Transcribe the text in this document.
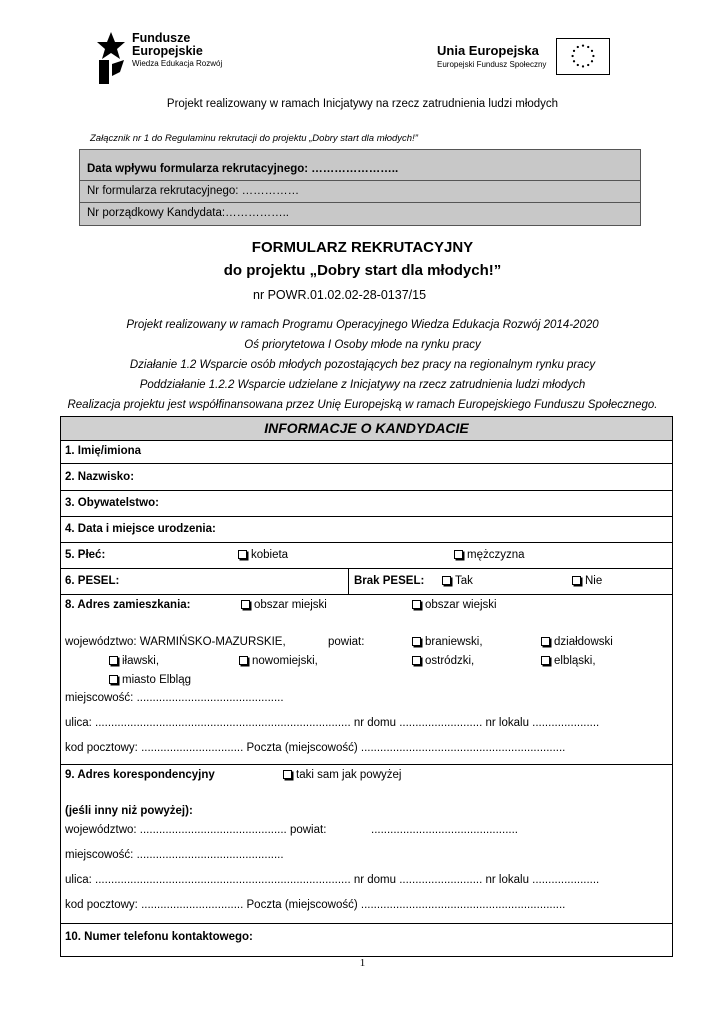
Fundusze
Europejskie
Wiedza Edukacja Rozwój
Unia Europejska
Europejski Fundusz Społeczny
Projekt realizowany w ramach Inicjatywy na rzecz zatrudnienia ludzi młodych
Załącznik nr 1 do Regulaminu rekrutacji do projektu „Dobry start dla młodych!”
Data wpływu formularza rekrutacyjnego: …………………..
Nr formularza rekrutacyjnego: ……………
Nr porządkowy Kandydata:……………..
FORMULARZ REKRUTACYJNY
do projektu „Dobry start dla młodych!”
nr POWR.01.02.02-28-0137/15
Projekt realizowany w ramach Programu Operacyjnego Wiedza Edukacja Rozwój 2014-2020
Oś priorytetowa I Osoby młode na rynku pracy
Działanie 1.2 Wsparcie osób młodych pozostających bez pracy na regionalnym rynku pracy
Poddziałanie 1.2.2 Wsparcie udzielane z Inicjatywy na rzecz zatrudnienia ludzi młodych
Realizacja projektu jest współfinansowana przez Unię Europejską w ramach Europejskiego Funduszu Społecznego.
INFORMACJE O KANDYDACIE
1. Imię/imiona
2. Nazwisko:
3. Obywatelstwo:
4. Data i miejsce urodzenia:
5. Płeć:	kobieta	mężczyzna
6. PESEL:	Brak PESEL:	Tak	Nie
8. Adres zamieszkania:	obszar miejski	obszar wiejski
województwo: WARMIŃSKO-MAZURSKIE,	powiat:	braniewski,	działdowski
iławski,	nowomiejski,	ostródzki,	elbląski,
miasto Elbląg
miejscowość: ..............................................
ulica: ................................................................................ nr domu .......................... nr lokalu .....................
kod pocztowy: ................................ Poczta (miejscowość) ................................................................
9. Adres korespondencyjny	taki sam jak powyżej
(jeśli inny niż powyżej):
województwo: .............................................. powiat:	..............................................
miejscowość: ..............................................
ulica: ................................................................................ nr domu .......................... nr lokalu .....................
kod pocztowy: ................................ Poczta (miejscowość) ................................................................
10. Numer telefonu kontaktowego:
1
